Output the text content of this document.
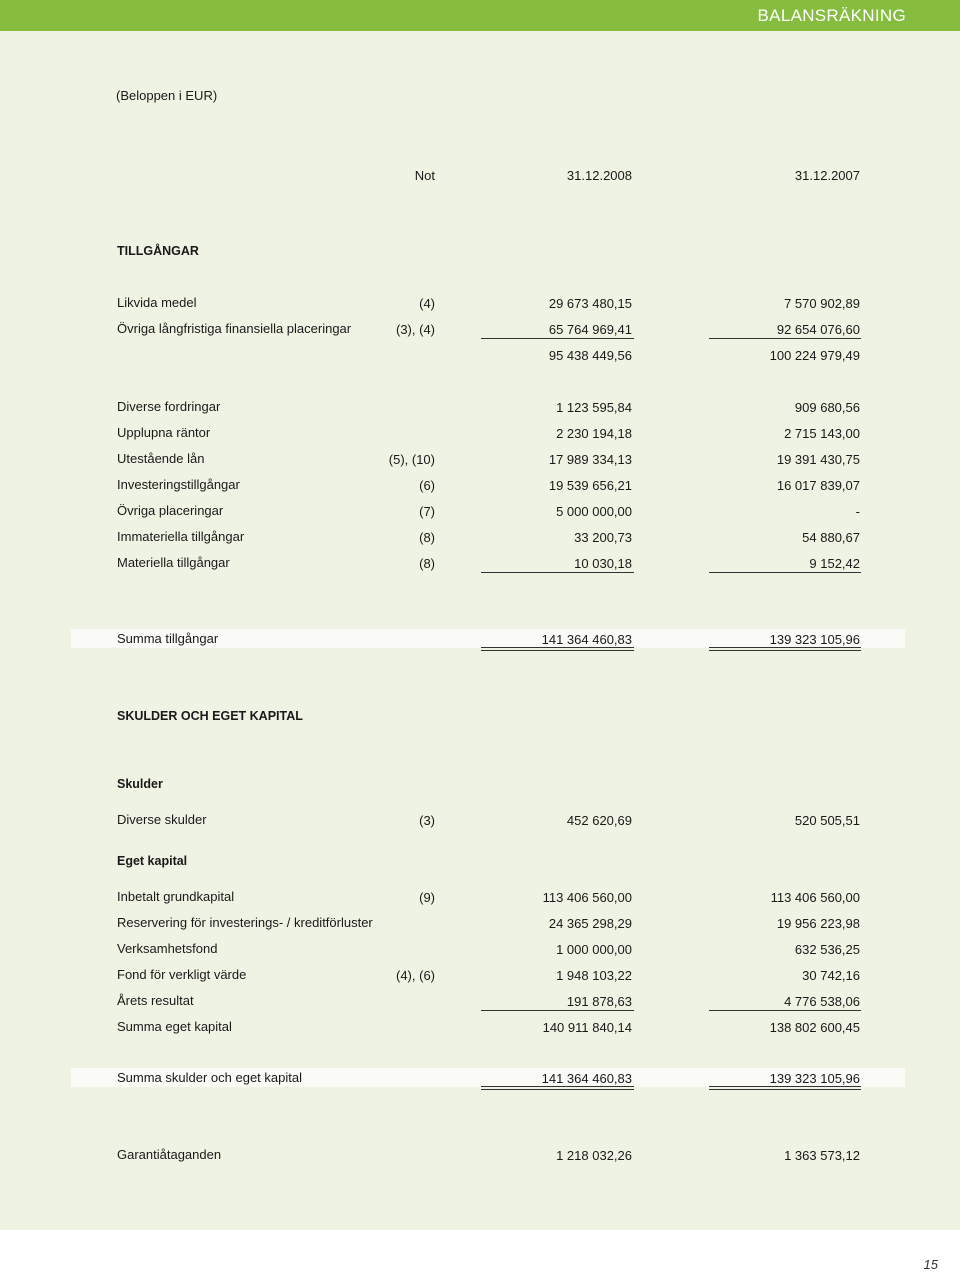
BALANSRÄKNING
(Beloppen i EUR)
Not	31.12.2008	31.12.2007
TILLGÅNGAR
Likvida medel	(4)	29 673 480,15	7 570 902,89
Övriga långfristiga finansiella placeringar	(3), (4)	65 764 969,41	92 654 076,60
95 438 449,56	100 224 979,49
Diverse fordringar	1 123 595,84	909 680,56
Upplupna räntor	2 230 194,18	2 715 143,00
Utestående lån	(5), (10)	17 989 334,13	19 391 430,75
Investeringstillgångar	(6)	19 539 656,21	16 017 839,07
Övriga placeringar	(7)	5 000 000,00	-
Immateriella tillgångar	(8)	33 200,73	54 880,67
Materiella tillgångar	(8)	10 030,18	9 152,42
Summa tillgångar	141 364 460,83	139 323 105,96
SKULDER OCH EGET KAPITAL
Skulder
Diverse skulder	(3)	452 620,69	520 505,51
Eget kapital
Inbetalt grundkapital	(9)	113 406 560,00	113 406 560,00
Reservering för investerings- / kreditförluster	24 365 298,29	19 956 223,98
Verksamhetsfond	1 000 000,00	632 536,25
Fond för verkligt värde	(4), (6)	1 948 103,22	30 742,16
Årets resultat	191 878,63	4 776 538,06
Summa eget kapital	140 911 840,14	138 802 600,45
Summa skulder och eget kapital	141 364 460,83	139 323 105,96
Garantiåtaganden	1 218 032,26	1 363 573,12
15
